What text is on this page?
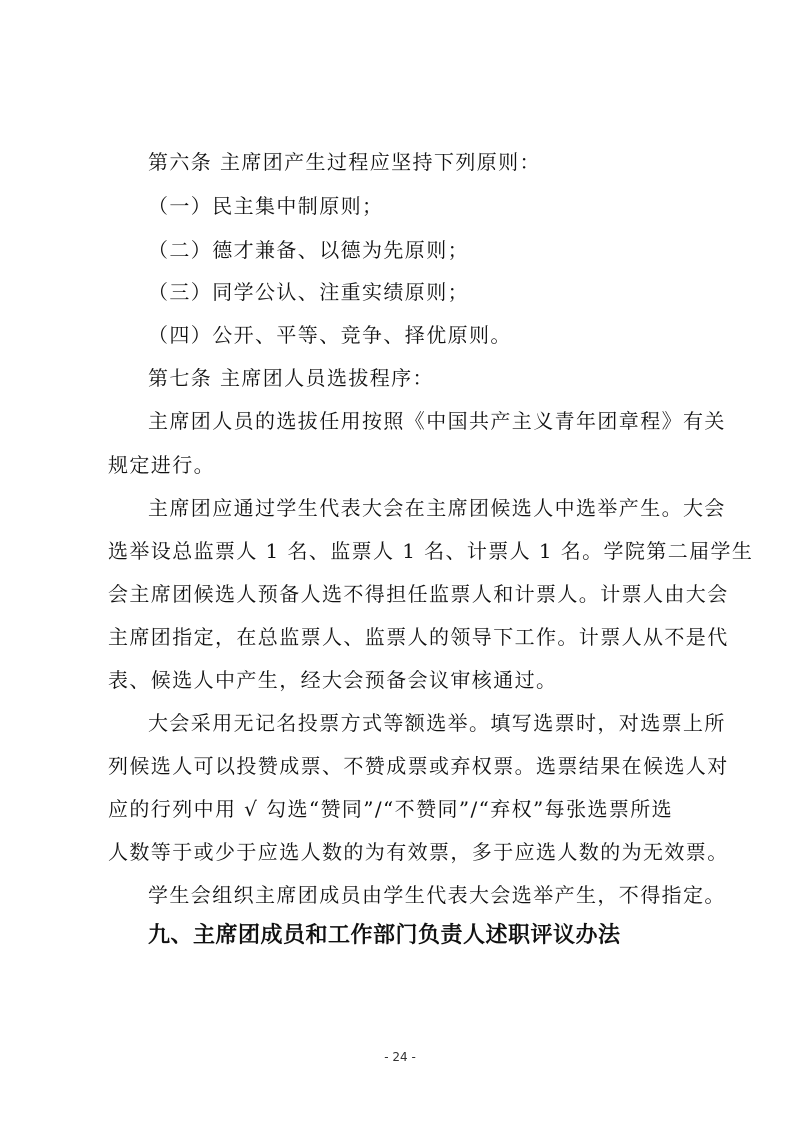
第六条 主席团产生过程应坚持下列原则：
（一）民主集中制原则；
（二）德才兼备、以德为先原则；
（三）同学公认、注重实绩原则；
（四）公开、平等、竞争、择优原则。
第七条 主席团人员选拔程序：
主席团人员的选拔任用按照《中国共产主义青年团章程》有关
规定进行。
主席团应通过学生代表大会在主席团候选人中选举产生。大会
选举设总监票人 1 名、监票人 1 名、计票人 1 名。学院第二届学生
会主席团候选人预备人选不得担任监票人和计票人。计票人由大会
主席团指定，在总监票人、监票人的领导下工作。计票人从不是代
表、候选人中产生，经大会预备会议审核通过。
大会采用无记名投票方式等额选举。填写选票时，对选票上所
列候选人可以投赞成票、不赞成票或弃权票。选票结果在候选人对
应的行列中用 √ 勾选“赞同”/“不赞同”/“弃权”每张选票所选
人数等于或少于应选人数的为有效票，多于应选人数的为无效票。
学生会组织主席团成员由学生代表大会选举产生，不得指定。
九、主席团成员和工作部门负责人述职评议办法
- 24 -
